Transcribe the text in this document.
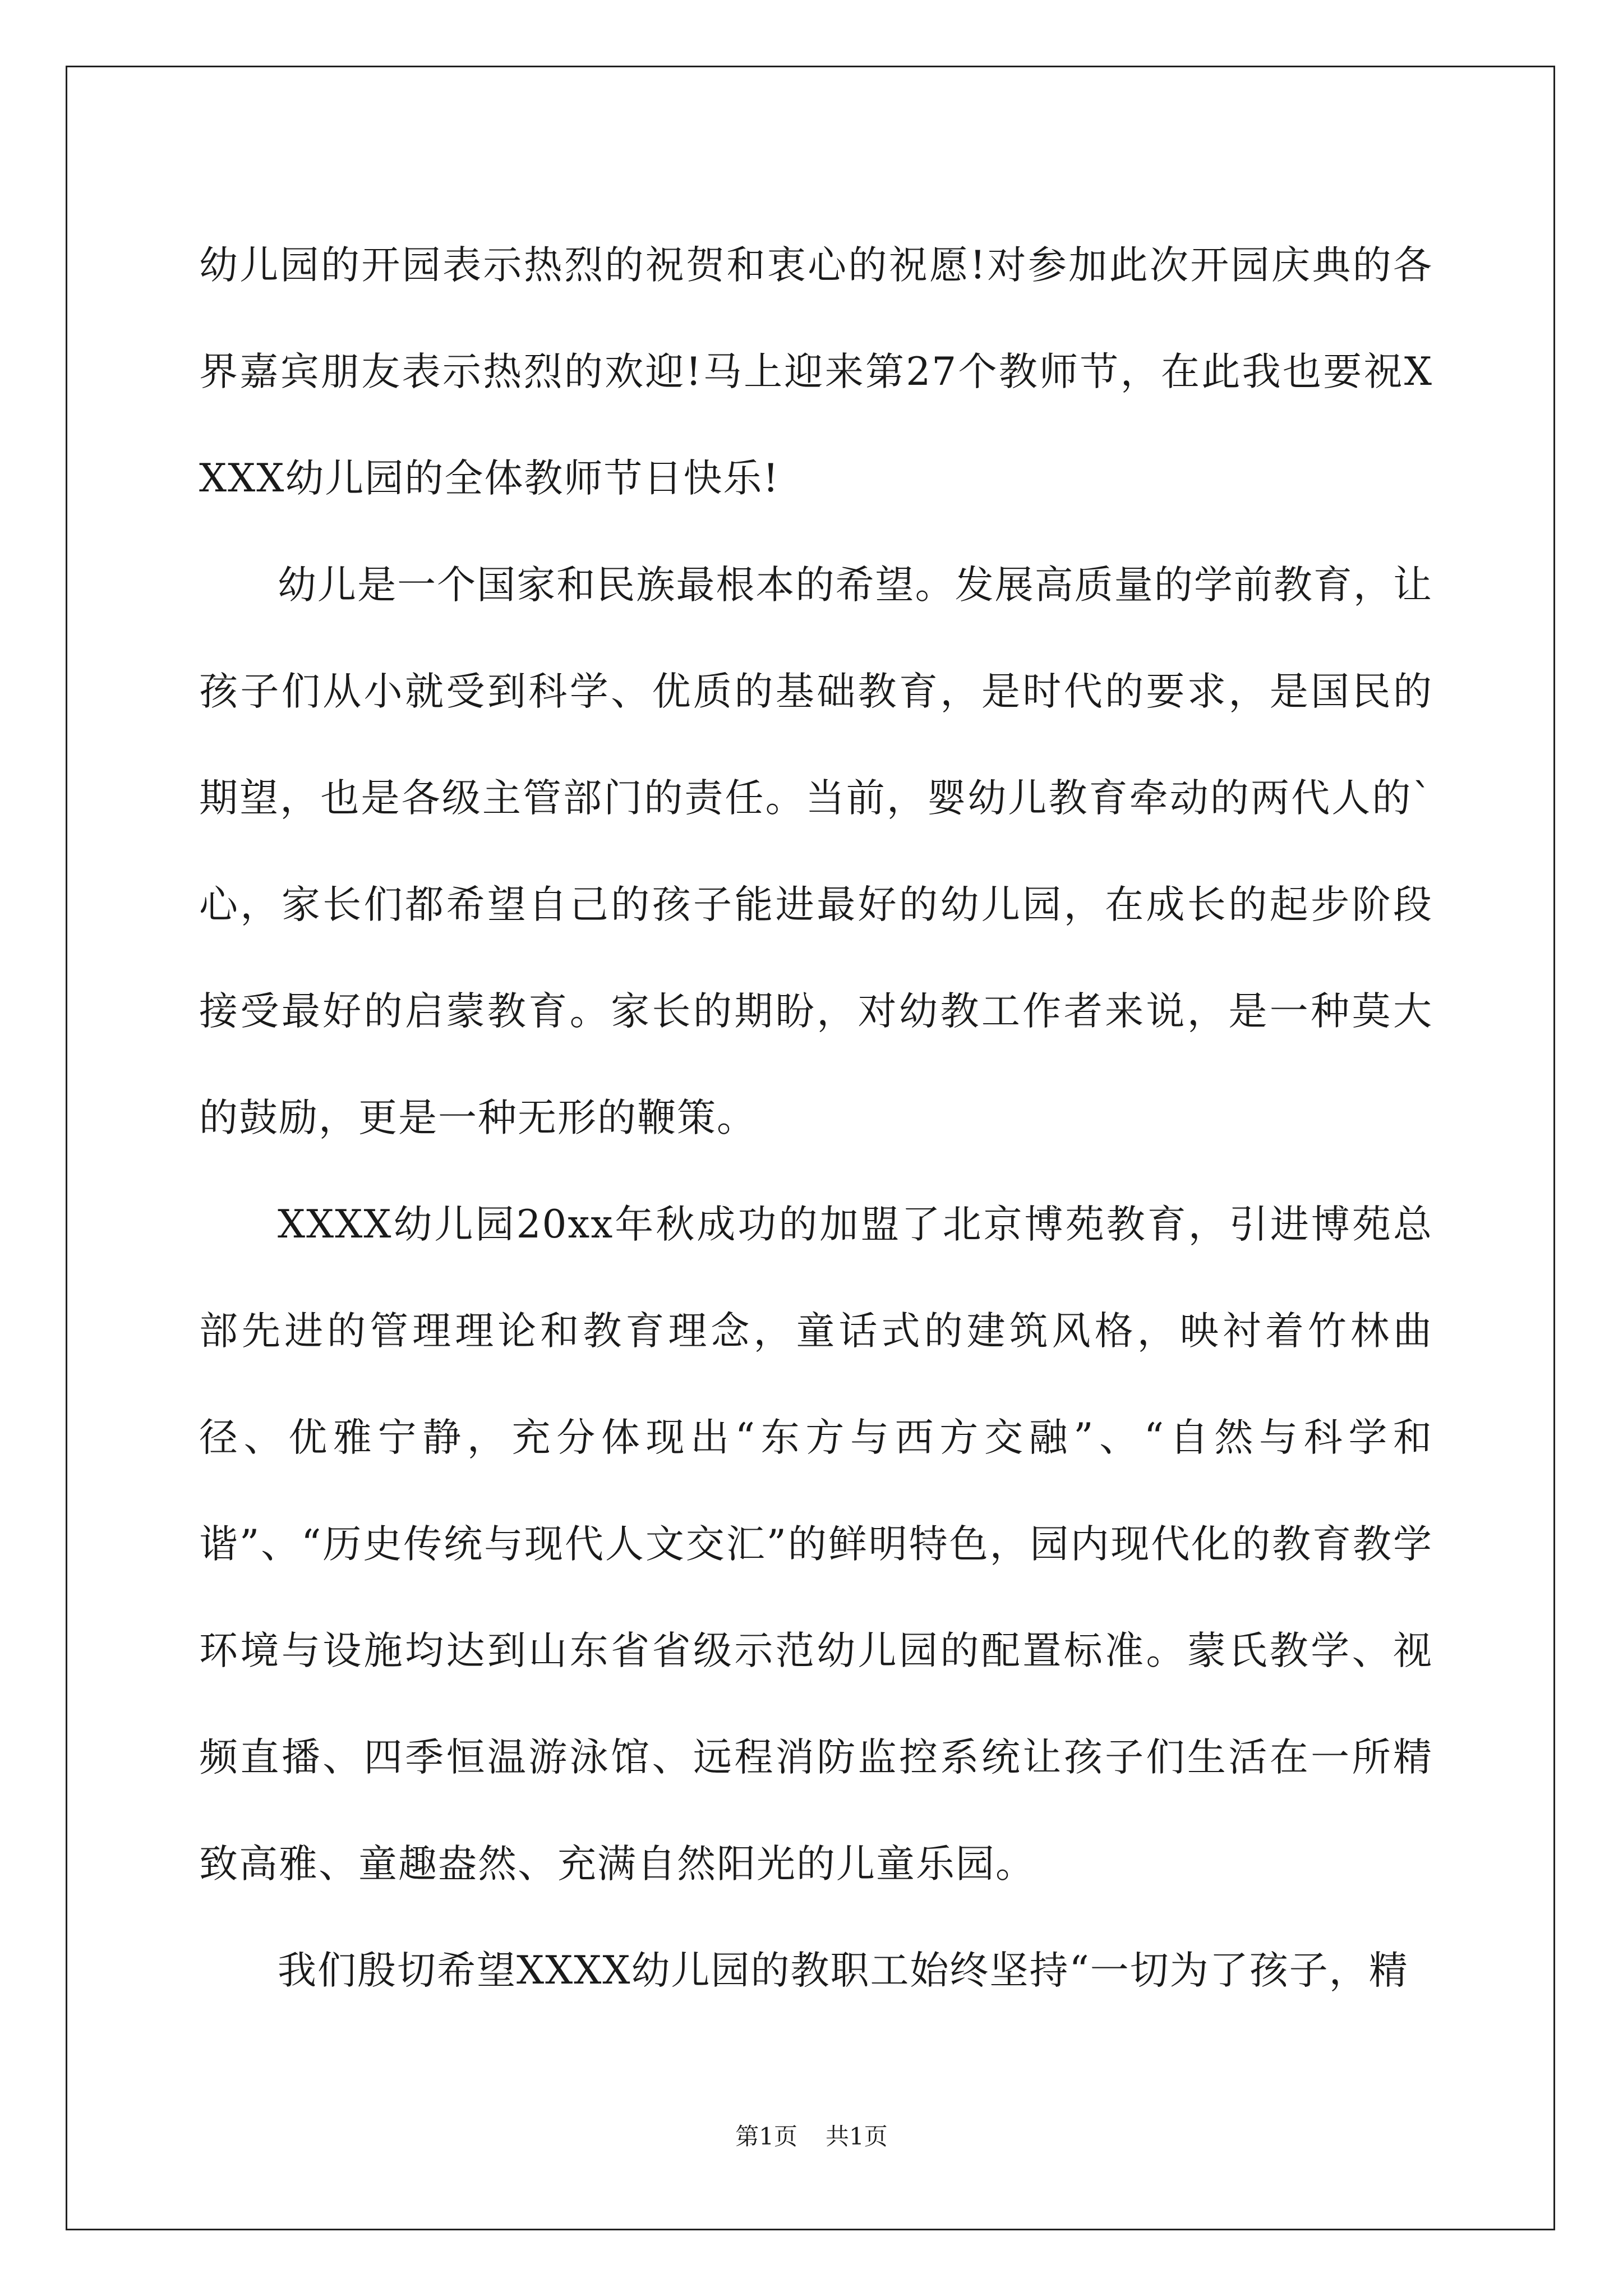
幼儿园的开园表示热烈的祝贺和衷心的祝愿!对参加此次开园庆典的各界嘉宾朋友表示热烈的欢迎!马上迎来第27个教师节，在此我也要祝XXXX幼儿园的全体教师节日快乐!

幼儿是一个国家和民族最根本的希望。发展高质量的学前教育，让孩子们从小就受到科学、优质的基础教育，是时代的要求，是国民的期望，也是各级主管部门的责任。当前，婴幼儿教育牵动的两代人的`心，家长们都希望自己的孩子能进最好的幼儿园，在成长的起步阶段接受最好的启蒙教育。家长的期盼，对幼教工作者来说，是一种莫大的鼓励，更是一种无形的鞭策。

XXXX幼儿园20xx年秋成功的加盟了北京博苑教育，引进博苑总部先进的管理理论和教育理念，童话式的建筑风格，映衬着竹林曲径、优雅宁静，充分体现出“东方与西方交融”、“自然与科学和谐”、“历史传统与现代人文交汇”的鲜明特色，园内现代化的教育教学环境与设施均达到山东省省级示范幼儿园的配置标准。蒙氏教学、视频直播、四季恒温游泳馆、远程消防监控系统让孩子们生活在一所精致高雅、童趣盎然、充满自然阳光的儿童乐园。

我们殷切希望XXXX幼儿园的教职工始终坚持“一切为了孩子，精

第1页 共1页
